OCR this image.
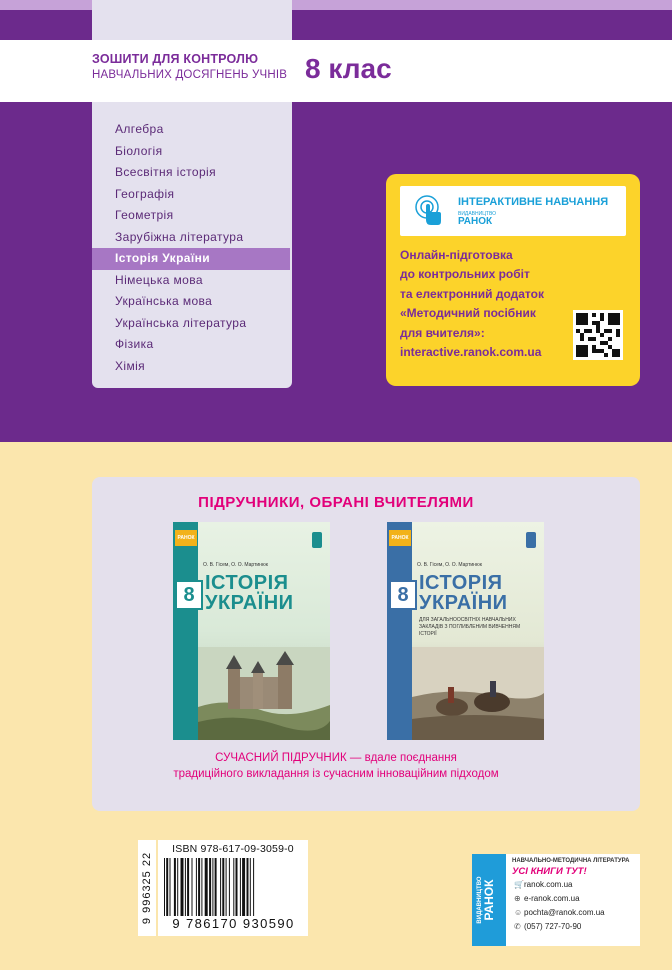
ЗОШИТИ ДЛЯ КОНТРОЛЮ
НАВЧАЛЬНИХ ДОСЯГНЕНЬ УЧНІВ 8 клас
Алгебра
Біологія
Всесвітня історія
Географія
Геометрія
Зарубіжна література
Історія України
Німецька мова
Українська мова
Українська література
Фізика
Хімія
ІНТЕРАКТИВНЕ НАВЧАННЯ
ВИДАВНИЦТВО
РАНОК
Онлайн-підготовка
до контрольних робіт
та електронний додаток
«Методичний посібник
для вчителя»:
interactive.ranok.com.ua
ПІДРУЧНИКИ, ОБРАНІ ВЧИТЕЛЯМИ
РАНОК
О. В. Гісем, О. О. Мартинюк
8
ІСТОРІЯ
УКРАЇНИ
РАНОК
О. В. Гісем, О. О. Мартинюк
8
ІСТОРІЯ
УКРАЇНИ
ДЛЯ ЗАГАЛЬНООСВІТНІХ НАВЧАЛЬНИХ ЗАКЛАДІВ З ПОГЛИБЛЕНИМ ВИВЧЕННЯМ ІСТОРІЇ
СУЧАСНИЙ ПІДРУЧНИК — вдале поєднання
традиційного викладання із сучасним інноваційним підходом
9 996325 22
ISBN 978-617-09-3059-0
9 786170 930590	ВИДАВНИЦТВО РАНОК
НАВЧАЛЬНО-МЕТОДИЧНА ЛІТЕРАТУРА
УСІ КНИГИ ТУТ!
🛒ranok.com.ua
⊕ e-ranok.com.ua
☺ pochta@ranok.com.ua
✆ (057) 727-70-90
